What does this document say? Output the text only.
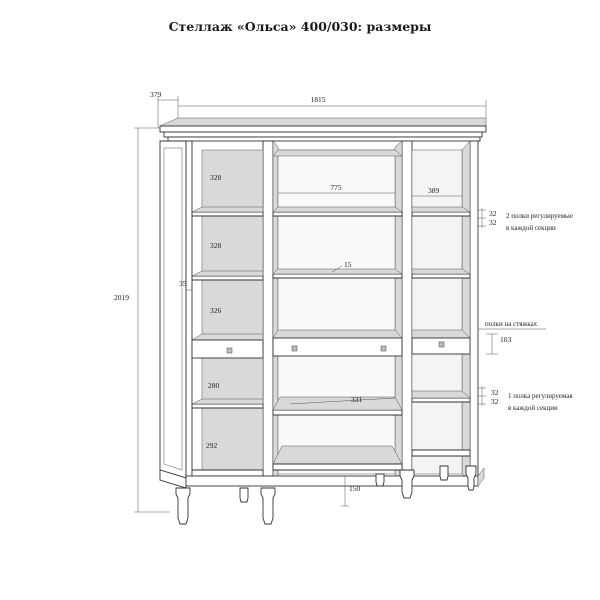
Стеллаж «Ольса» 400/030: размеры
379
1815
2019
775	389
328
328
326
280
292
35
15
331
150
32
32
2 полки регулируемые
в каждой секции
полки на стяжках
103
32
32
1 полка регулируемая
в каждой секции
